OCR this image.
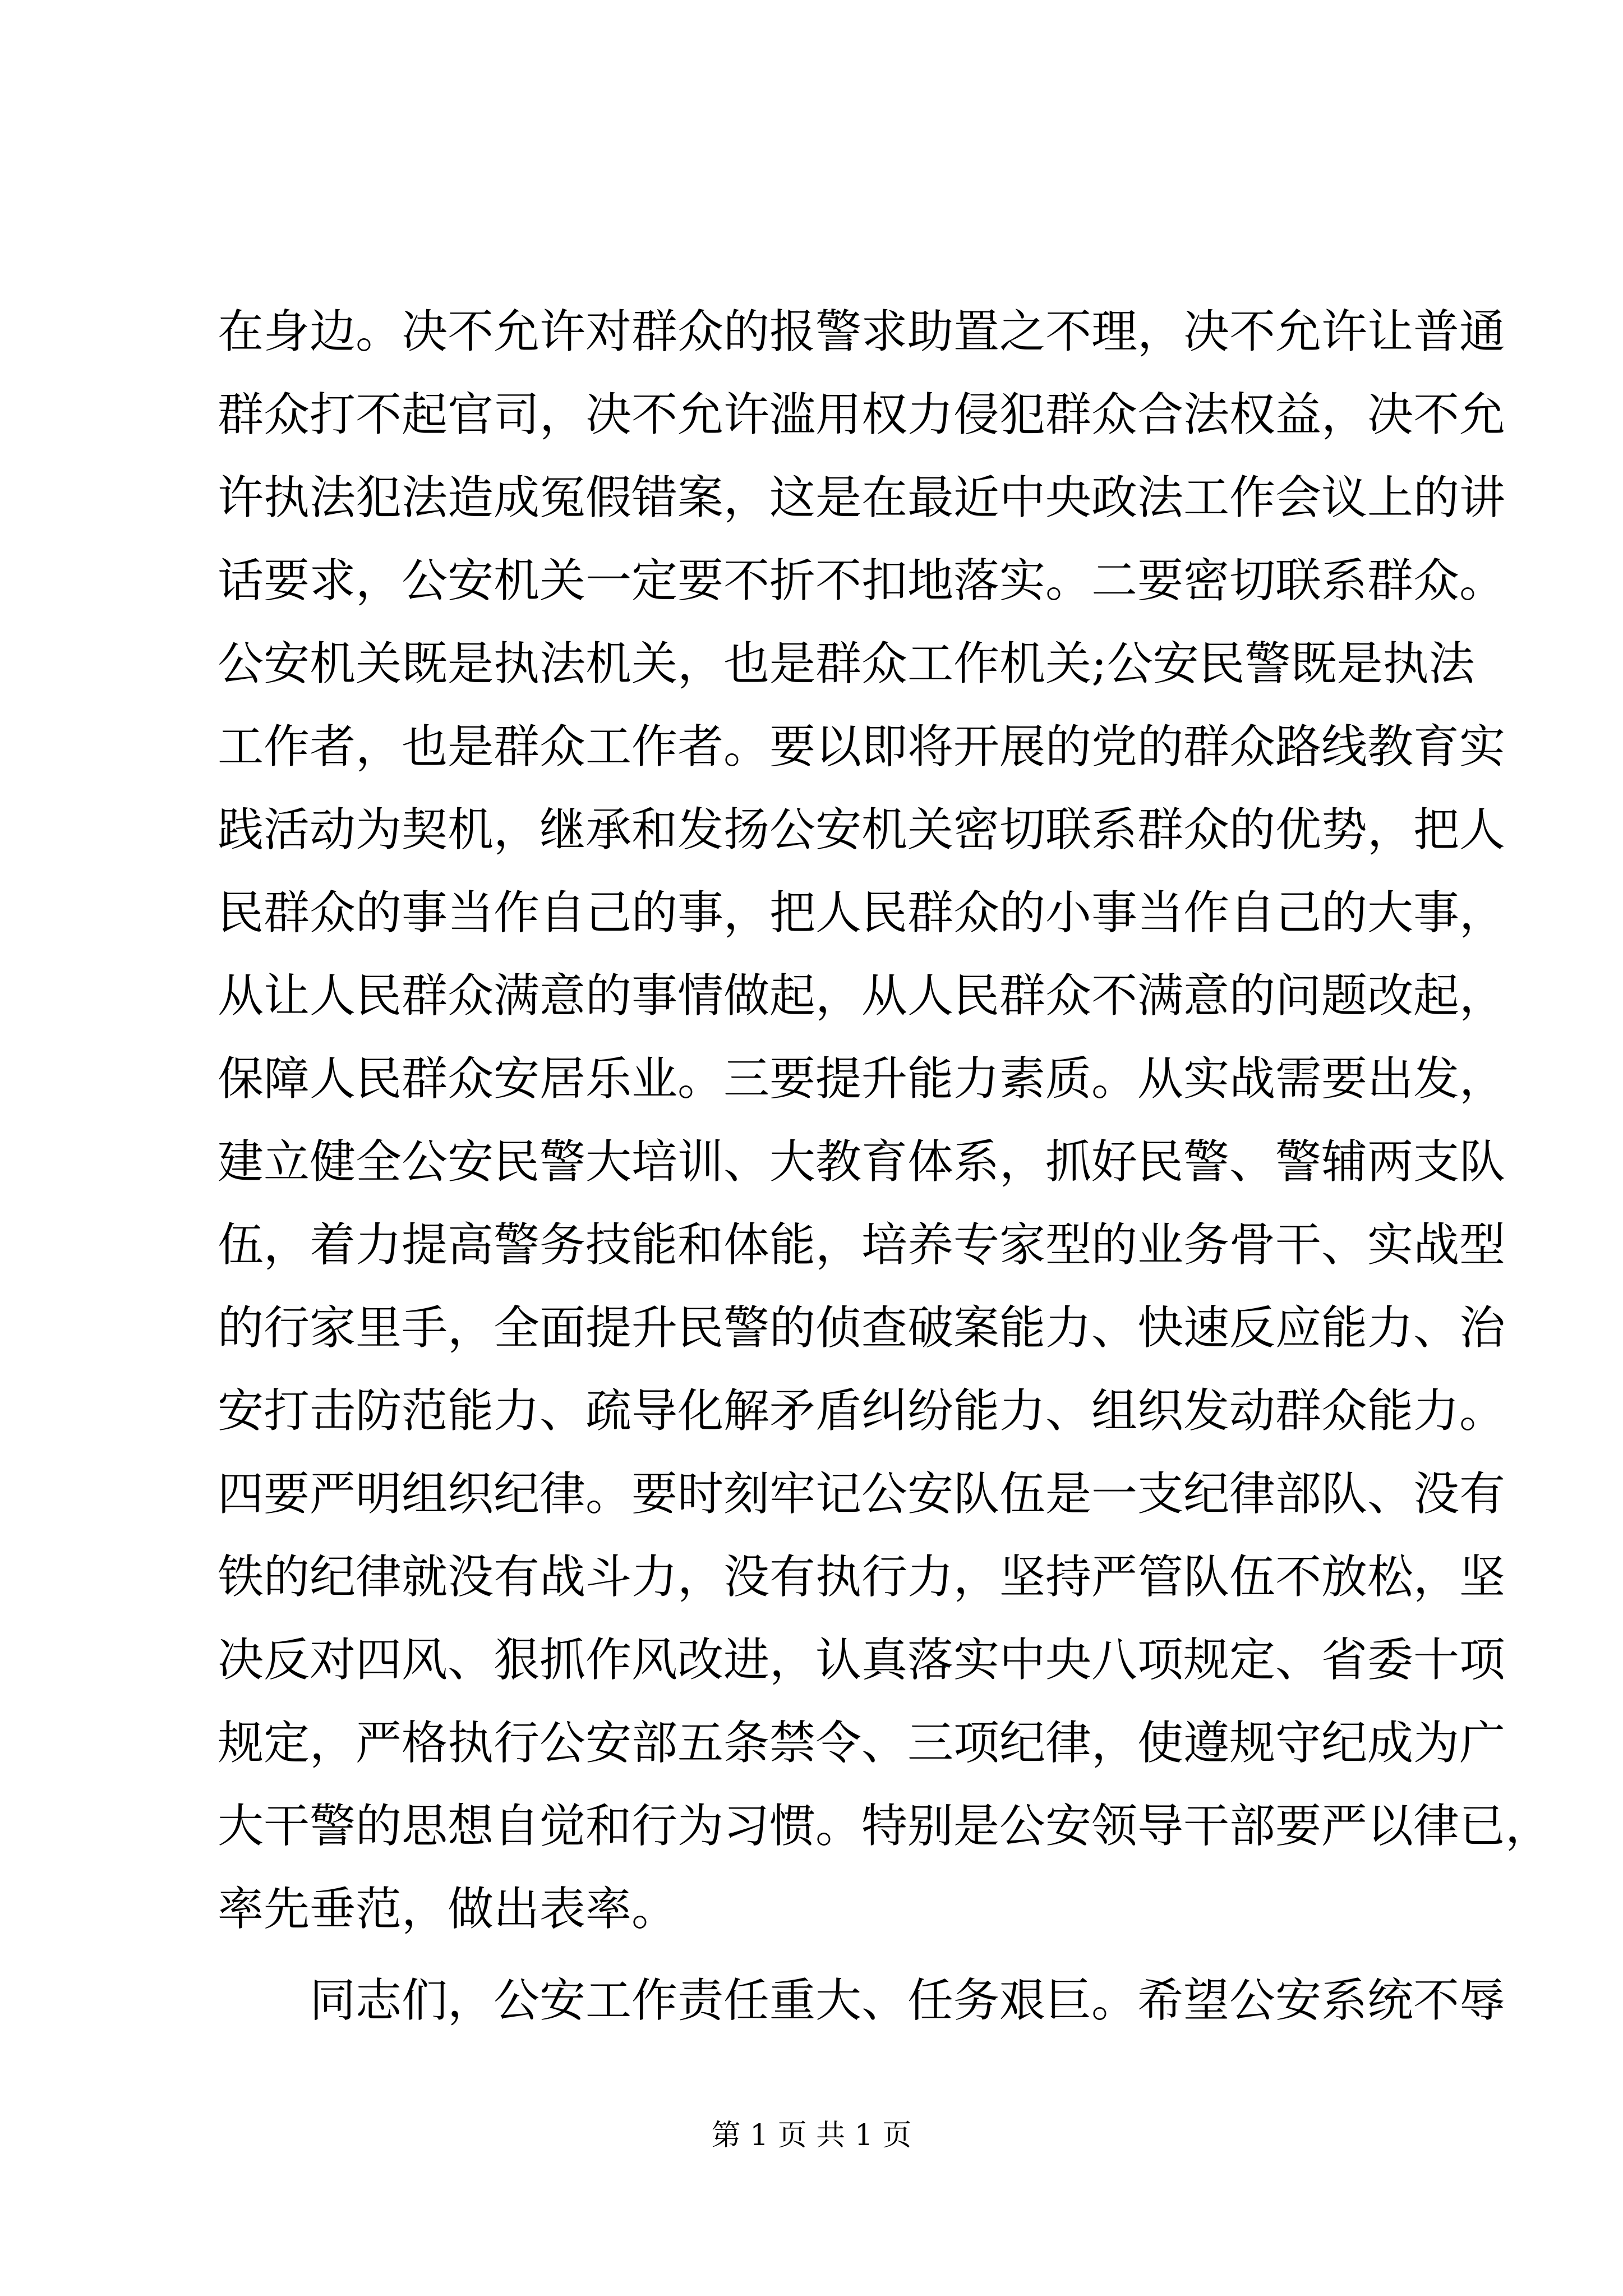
在身边。决不允许对群众的报警求助置之不理，决不允许让普通
群众打不起官司，决不允许滥用权力侵犯群众合法权益，决不允
许执法犯法造成冤假错案，这是在最近中央政法工作会议上的讲
话要求，公安机关一定要不折不扣地落实。二要密切联系群众。
公安机关既是执法机关，也是群众工作机关;公安民警既是执法
工作者，也是群众工作者。要以即将开展的党的群众路线教育实
践活动为契机，继承和发扬公安机关密切联系群众的优势，把人
民群众的事当作自己的事，把人民群众的小事当作自己的大事，
从让人民群众满意的事情做起，从人民群众不满意的问题改起，
保障人民群众安居乐业。三要提升能力素质。从实战需要出发，
建立健全公安民警大培训、大教育体系，抓好民警、警辅两支队
伍，着力提高警务技能和体能，培养专家型的业务骨干、实战型
的行家里手，全面提升民警的侦查破案能力、快速反应能力、治
安打击防范能力、疏导化解矛盾纠纷能力、组织发动群众能力。
四要严明组织纪律。要时刻牢记公安队伍是一支纪律部队、没有
铁的纪律就没有战斗力，没有执行力，坚持严管队伍不放松，坚
决反对四风、狠抓作风改进，认真落实中央八项规定、省委十项
规定，严格执行公安部五条禁令、三项纪律，使遵规守纪成为广
大干警的思想自觉和行为习惯。特别是公安领导干部要严以律已，
率先垂范，做出表率。
同志们，公安工作责任重大、任务艰巨。希望公安系统不辱
第 1 页 共 1 页
